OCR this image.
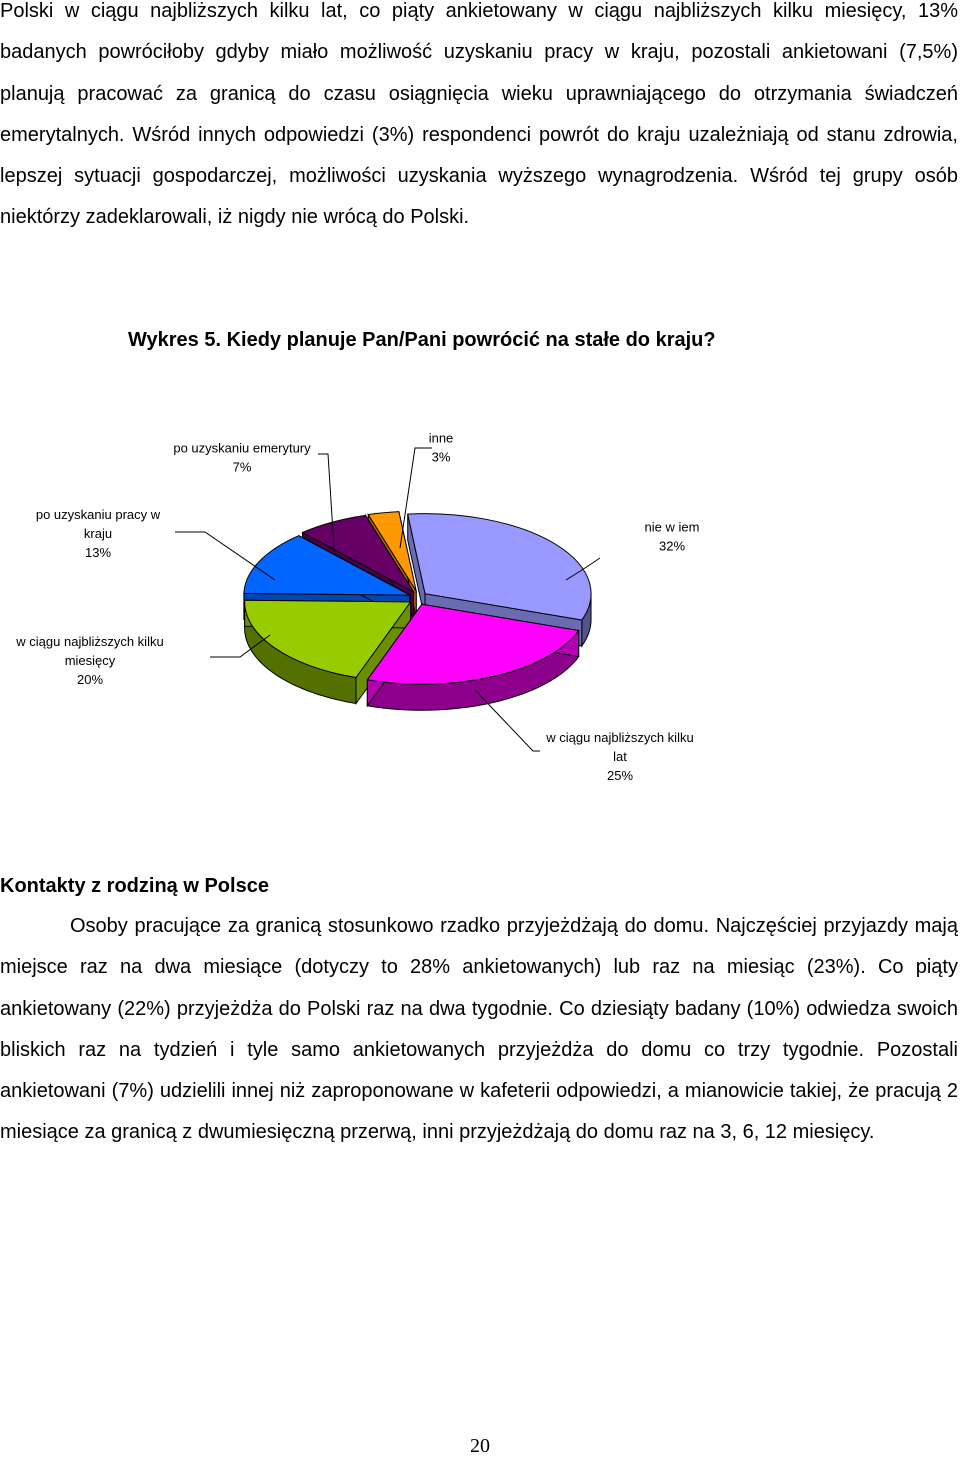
Polski w ciągu najbliższych kilku lat, co piąty ankietowany w ciągu najbliższych kilku miesięcy, 13% badanych powróciłoby gdyby miało możliwość uzyskaniu pracy w kraju, pozostali ankietowani (7,5%) planują pracować za granicą do czasu osiągnięcia wieku uprawniającego do otrzymania świadczeń emerytalnych. Wśród innych odpowiedzi (3%) respondenci powrót do kraju uzależniają od stanu zdrowia, lepszej sytuacji gospodarczej, możliwości uzyskania wyższego wynagrodzenia. Wśród tej grupy osób niektórzy zadeklarowali, iż nigdy nie wrócą do Polski.

Wykres 5. Kiedy planuje Pan/Pani powrócić na stałe do kraju?
nie w iem
32%
w ciągu najbliższych kilku
lat
25%
w ciągu najbliższych kilku
miesięcy
20%
po uzyskaniu pracy w
kraju
13%
po uzyskaniu emerytury
7%
inne
3%
Kontakty z rodziną w Polsce

Osoby pracujące za granicą stosunkowo rzadko przyjeżdżają do domu. Najczęściej przyjazdy mają miejsce raz na dwa miesiące (dotyczy to 28% ankietowanych) lub raz na miesiąc (23%). Co piąty ankietowany (22%) przyjeżdża do Polski raz na dwa tygodnie. Co dziesiąty badany (10%) odwiedza swoich bliskich raz na tydzień i tyle samo ankietowanych przyjeżdża do domu co trzy tygodnie. Pozostali ankietowani (7%) udzielili innej niż zaproponowane w kafeterii odpowiedzi, a mianowicie takiej, że pracują 2 miesiące za granicą z dwumiesięczną przerwą, inni przyjeżdżają do domu raz na 3, 6, 12 miesięcy.

20
